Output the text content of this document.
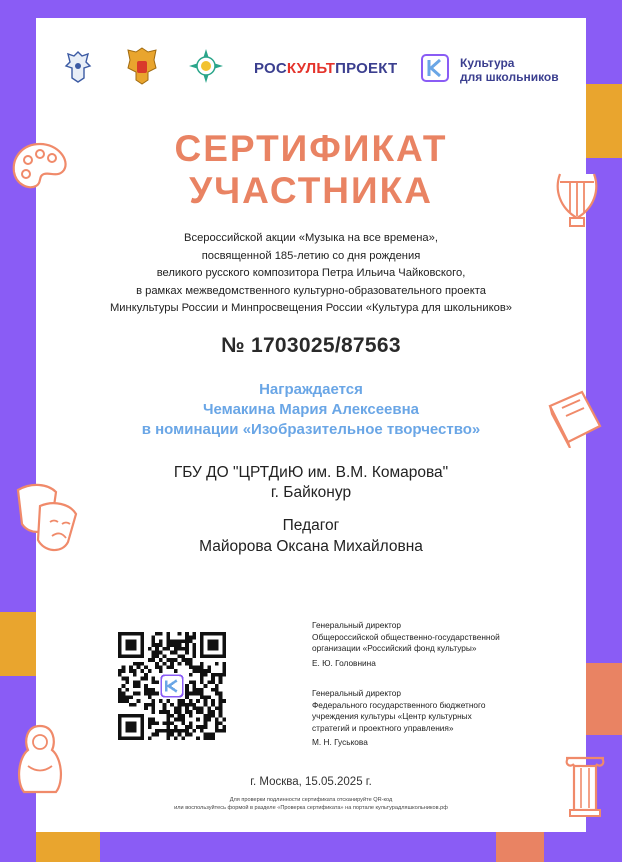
РОСКУЛЬТПРОЕКТ	Культура
для школьников
СЕРТИФИКАТ
УЧАСТНИКА
Всероссийской акции «Музыка на все времена»,
посвященной 185-летию со дня рождения
великого русского композитора Петра Ильича Чайковского,
в рамках межведомственного культурно-образовательного проекта
Минкультуры России и Минпросвещения России «Культура для школьников»
№ 1703025/87563
Награждается
Чемакина Мария Алексеевна
в номинации «Изобразительное творчество»
ГБУ ДО "ЦРТДиЮ им. В.М. Комарова"
г. Байконур
Педагог
Майорова Оксана Михайловна
Генеральный директор
Общероссийской общественно-государственной
организации «Российский фонд культуры»
Е. Ю. Головнина
Генеральный директор
Федерального государственного бюджетного
учреждения культуры «Центр культурных
стратегий и проектного управления»
М. Н. Гуськова
г. Москва, 15.05.2025 г.
Для проверки подлинности сертификата отсканируйте QR-код
или воспользуйтесь формой в разделе «Проверка сертификата» на портале культурадляшкольников.рф
